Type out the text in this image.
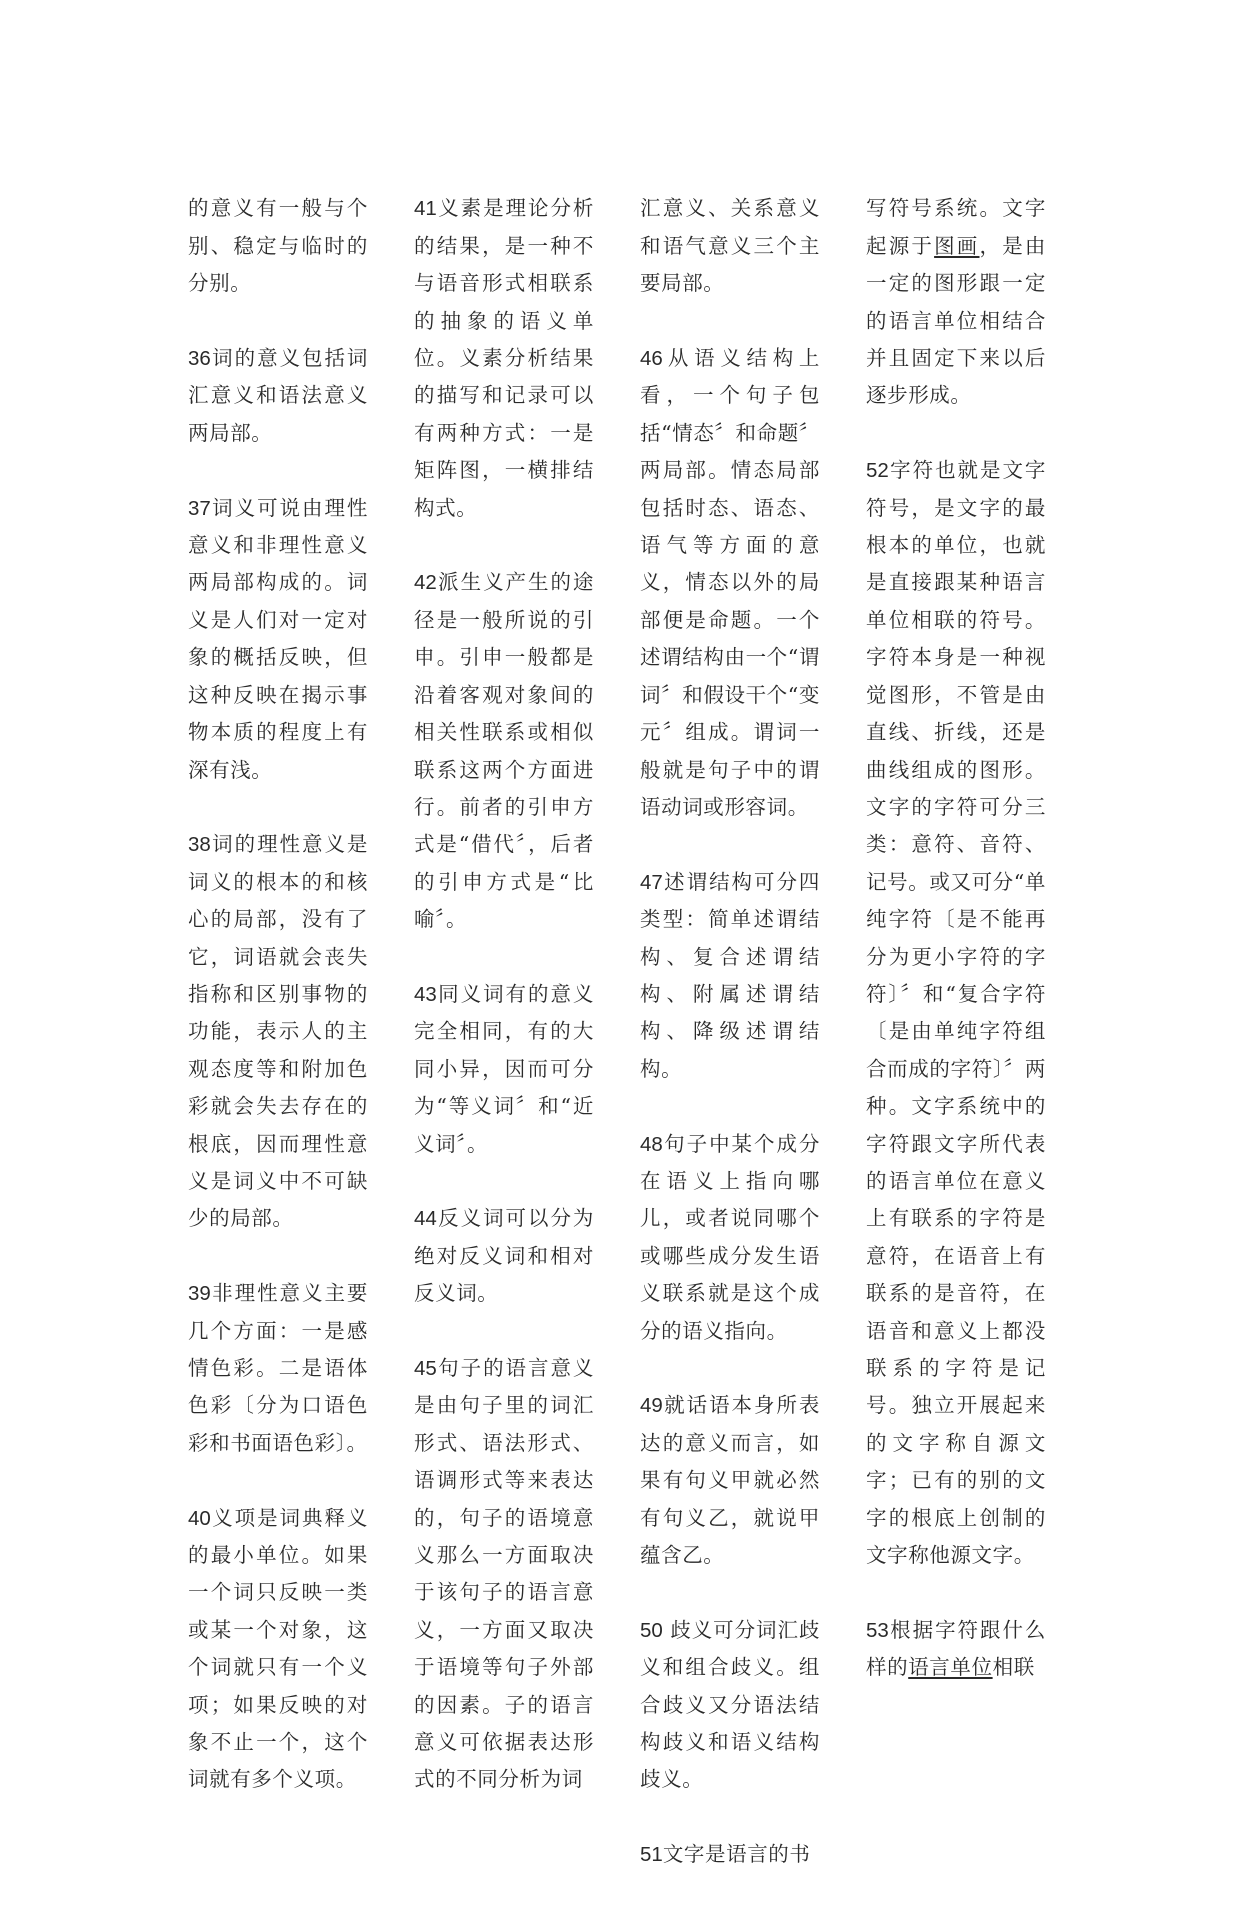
的意义有一般与个别、稳定与临时的分别。

36词的意义包括词汇意义和语法意义两局部。

37词义可说由理性意义和非理性意义两局部构成的。词义是人们对一定对象的概括反映，但这种反映在揭示事物本质的程度上有深有浅。

38词的理性意义是词义的根本的和核心的局部，没有了它，词语就会丧失指称和区别事物的功能，表示人的主观态度等和附加色彩就会失去存在的根底，因而理性意义是词义中不可缺少的局部。

39非理性意义主要几个方面：一是感情色彩。二是语体色彩〔分为口语色彩和书面语色彩〕。

40义项是词典释义的最小单位。如果一个词只反映一类或某一个对象，这个词就只有一个义项；如果反映的对象不止一个，这个词就有多个义项。

41义素是理论分析的结果，是一种不与语音形式相联系的抽象的语义单位。义素分析结果的描写和记录可以有两种方式：一是矩阵图，一横排结构式。

42派生义产生的途径是一般所说的引申。引申一般都是沿着客观对象间的相关性联系或相似联系这两个方面进行。前者的引申方式是“借代〞，后者的引申方式是“比喻〞。

43同义词有的意义完全相同，有的大同小异，因而可分为“等义词〞和“近义词〞。

44反义词可以分为绝对反义词和相对反义词。

45句子的语言意义是由句子里的词汇形式、语法形式、语调形式等来表达的，句子的语境意义那么一方面取决于该句子的语言意义，一方面又取决于语境等句子外部的因素。子的语言意义可依据表达形式的不同分析为词

汇意义、关系意义和语气意义三个主要局部。

46从语义结构上看，一个句子包括“情态〞和命题〞两局部。情态局部包括时态、语态、语气等方面的意义，情态以外的局部便是命题。一个述谓结构由一个“谓词〞和假设干个“变元〞组成。谓词一般就是句子中的谓语动词或形容词。

47述谓结构可分四类型：简单述谓结构、复合述谓结构、附属述谓结构、降级述谓结构。

48句子中某个成分在语义上指向哪儿，或者说同哪个或哪些成分发生语义联系就是这个成分的语义指向。

49就话语本身所表达的意义而言，如果有句义甲就必然有句义乙，就说甲蕴含乙。

50 歧义可分词汇歧义和组合歧义。组合歧义又分语法结构歧义和语义结构歧义。

51文字是语言的书

写符号系统。文字起源于图画，是由一定的图形跟一定的语言单位相结合并且固定下来以后逐步形成。

52字符也就是文字符号，是文字的最根本的单位，也就是直接跟某种语言单位相联的符号。字符本身是一种视觉图形，不管是由直线、折线，还是曲线组成的图形。文字的字符可分三类：意符、音符、记号。或又可分“单纯字符〔是不能再分为更小字符的字符〕〞和“复合字符〔是由单纯字符组合而成的字符〕〞两种。文字系统中的字符跟文字所代表的语言单位在意义上有联系的字符是意符，在语音上有联系的是音符，在语音和意义上都没联系的字符是记号。独立开展起来的文字称自源文字；已有的别的文字的根底上创制的文字称他源文字。

53根据字符跟什么样的语言单位相联
